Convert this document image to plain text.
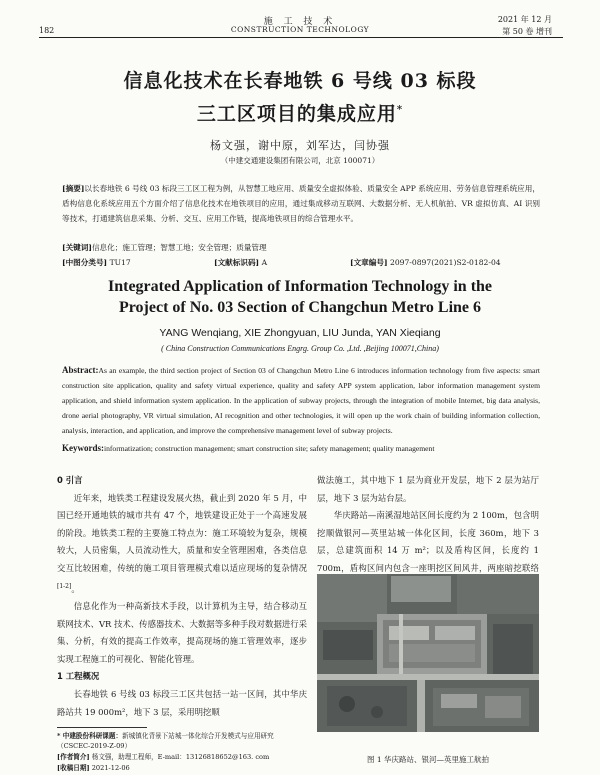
施 工 技 术
CONSTRUCTION TECHNOLOGY
182
2021 年 12 月
第 50 卷 增刊
信息化技术在长春地铁 6 号线 03 标段
三工区项目的集成应用*
杨文强，谢中原，刘军达，闫协强
（中建交通建设集团有限公司，北京 100071）
[摘要]以长春地铁 6 号线 03 标段三工区工程为例，从智慧工地应用、质量安全虚拟体验、质量安全 APP 系统应用、劳务信息管理系统应用，盾构信息化系统应用五个方面介绍了信息化技术在地铁项目的应用，通过集成移动互联网、大数据分析、无人机航拍、VR 虚拟仿真、AI 识别等技术，打通建筑信息采集、分析、交互、应用工作链，提高地铁项目的综合管理水平。
[关键词]信息化；施工管理；智慧工地；安全管理；质量管理
[中图分类号] TU17	[文献标识码] A	[文章编号] 2097-0897(2021)S2-0182-04
Integrated Application of Information Technology in the
Project of No. 03 Section of Changchun Metro Line 6
YANG Wenqiang, XIE Zhongyuan, LIU Junda, YAN Xieqiang
( China Construction Communications Engrg. Group Co. ,Ltd. ,Beijing 100071,China)
Abstract:As an example, the third section project of Section 03 of Changchun Metro Line 6 introduces information technology from five aspects: smart construction site application, quality and safety virtual experience, quality and safety APP system application, labor information management system application, and shield information system application. In the application of subway projects, through the integration of mobile Internet, big data analysis, drone aerial photography, VR virtual simulation, AI recognition and other technologies, it will open up the work chain of building information collection, analysis, interaction, and application, and improve the comprehensive management level of subway projects.
Keywords:informatization; construction management; smart construction site; safety management; quality management

0 引言

近年来，地铁类工程建设发展火热，截止到 2020 年 5 月，中国已经开通地铁的城市共有 47 个，地铁建设正处于一个高速发展的阶段。地铁类工程的主要施工特点为：施工环境较为复杂，规模较大，人员密集，人员流动性大，质量和安全管理困难，各类信息交互比较困难，传统的施工项目管理模式难以适应现场的复杂情况[1-2]。

信息化作为一种高新技术手段，以计算机为主导，结合移动互联网技术、VR 技术、传感器技术、大数据等多种手段对数据进行采集、分析，有效的提高工作效率，提高现场的施工管理效率，逐步实现工程施工的可视化、智能化管理。

1 工程概况

长春地铁 6 号线 03 标段三工区共包括一站一区间，其中华庆路站共 19 000m²，地下 3 层，采用明挖顺

做法施工，其中地下 1 层为商业开发层，地下 2 层为站厅层，地下 3 层为站台层。

华庆路站—南溪湿地站区间长度约为 2 100m，包含明挖顺做银河—英里站城一体化区间，长度 360m，地下 3 层，总建筑面积 14 万 m²；以及盾构区间，长度约 1 700m，盾构区间内包含一座明挖区间风井，两座暗挖联络

图 1 华庆路站、银河—英里施工航拍
* 中建股份科研课题：新城镇化背景下站城一体化综合开发模式与应用研究（CSCEC-2019-Z-09）
[作者简介] 杨文强，助理工程师，E-mail：13126818652@163. com
[收稿日期] 2021-12-06
